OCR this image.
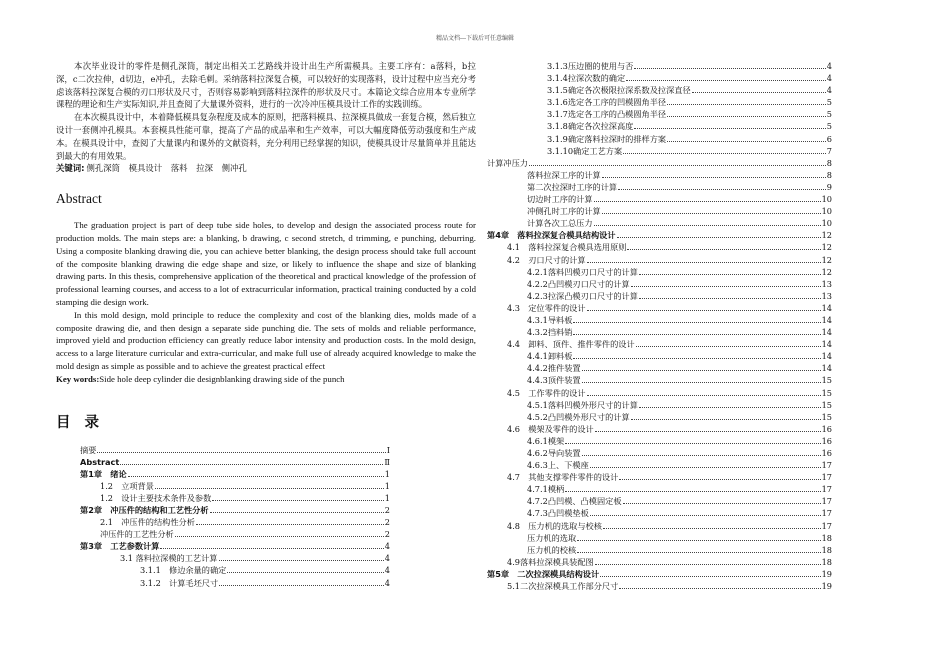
精品文档---下载后可任意编辑

本次毕业设计的零件是侧孔深筒，制定出相关工艺路线并设计出生产所需模具。主要工序有：a落料，b拉深，c二次拉伸，d切边，e冲孔，去除毛刺。采纳落料拉深复合模，可以较好的实现落料，设计过程中应当充分考虑该落料拉深复合模的刃口形状及尺寸，否则容易影响到落料拉深件的形状及尺寸。本篇论文综合应用本专业所学课程的理论和生产实际知识,并且查阅了大量课外资料，进行的一次冷冲压模具设计工作的实践训练。

在本次模具设计中，本着降低模具复杂程度及成本的原则，把落料模具、拉深模具做成一套复合模，然后独立设计一套侧冲孔模具。本套模具性能可靠，提高了产品的成品率和生产效率，可以大幅度降低劳动强度和生产成本。在模具设计中，查阅了大量课内和课外的文献资料，充分利用已经掌握的知识，使模具设计尽量简单并且能达到最大的有用效果。

关键词: 侧孔深筒 模具设计 落料 拉深 侧冲孔

Abstract

The graduation project is part of deep tube side holes, to develop and design the associated process route for production molds. The main steps are: a blanking, b drawing, c second stretch, d trimming, e punching, deburring. Using a composite blanking drawing die, you can achieve better blanking, the design process should take full account of the composite blanking drawing die edge shape and size, or likely to influence the shape and size of blanking drawing parts. In this thesis, comprehensive application of the theoretical and practical knowledge of the profession of professional learning courses, and access to a lot of extracurricular information, practical training conducted by a cold stamping die design work.

In this mold design, mold principle to reduce the complexity and cost of the blanking dies, molds made of a composite drawing die, and then design a separate side punching die. The sets of molds and reliable performance, improved yield and production efficiency can greatly reduce labor intensity and production costs. In the mold design, access to a large literature curricular and extra-curricular, and make full use of already acquired knowledge to make the mold design as simple as possible and to achieve the greatest practical effect

Key words:Side hole deep cylinder die designblanking drawing side of the punch

目录
摘要	Ⅰ
Abstract	Ⅱ
第1章　绪论	1
1.2　立项背景	1
1.2　设计主要技术条件及参数	1
第2章　冲压件的结构和工艺性分析	2
2.1　冲压件的结构性分析	2
冲压件的工艺性分析	2
第3章　工艺参数计算	4
3.1 落料拉深模的工艺计算	4
3.1.1　修边余量的确定	4
3.1.2　计算毛坯尺寸	4
3.1.3压边圈的使用与否	4
3.1.4拉深次数的确定	4
3.1.5确定各次极限拉深系数及拉深直径	4
3.1.6选定各工序的凹模圆角半径	5
3.1.7选定各工序的凸模圆角半径	5
3.1.8确定各次拉深高度	5
3.1.9确定落料拉深时的排样方案	6
3.1.10确定工艺方案	7
计算冲压力	8
落料拉深工序的计算	8
第二次拉深时工序的计算	9
切边时工序的计算	10
冲侧孔时工序的计算	10
计算各次工总压力	10
第4章　落料拉深复合模具结构设计	12
4.1　落料拉深复合模具选用原则	12
4.2　刃口尺寸的计算	12
4.2.1落料凹模刃口尺寸的计算	12
4.2.2凸凹模刃口尺寸的计算	13
4.2.3拉深凸模刃口尺寸的计算	13
4.3　定位零件的设计	14
4.3.1导料板	14
4.3.2挡料销	14
4.4　卸料、顶件、推件零件的设计	14
4.4.1卸料板	14
4.4.2推件装置	14
4.4.3顶件装置	15
4.5　工作零件的设计	15
4.5.1落料凹模外形尺寸的计算	15
4.5.2凸凹模外形尺寸的计算	15
4.6　模架及零件的设计	16
4.6.1模架	16
4.6.2导向装置	16
4.6.3上、下模座	17
4.7　其他支撑零件零件的设计	17
4.7.1模柄	17
4.7.2凸凹模、凸模固定板	17
4.7.3凸凹模垫板	17
4.8　压力机的选取与校核	17
压力机的选取	18
压力机的校核	18
4.9落料拉深模具装配图	18
第5章　二次拉深模具结构设计	19
5.1二次拉深模具工作部分尺寸	19
